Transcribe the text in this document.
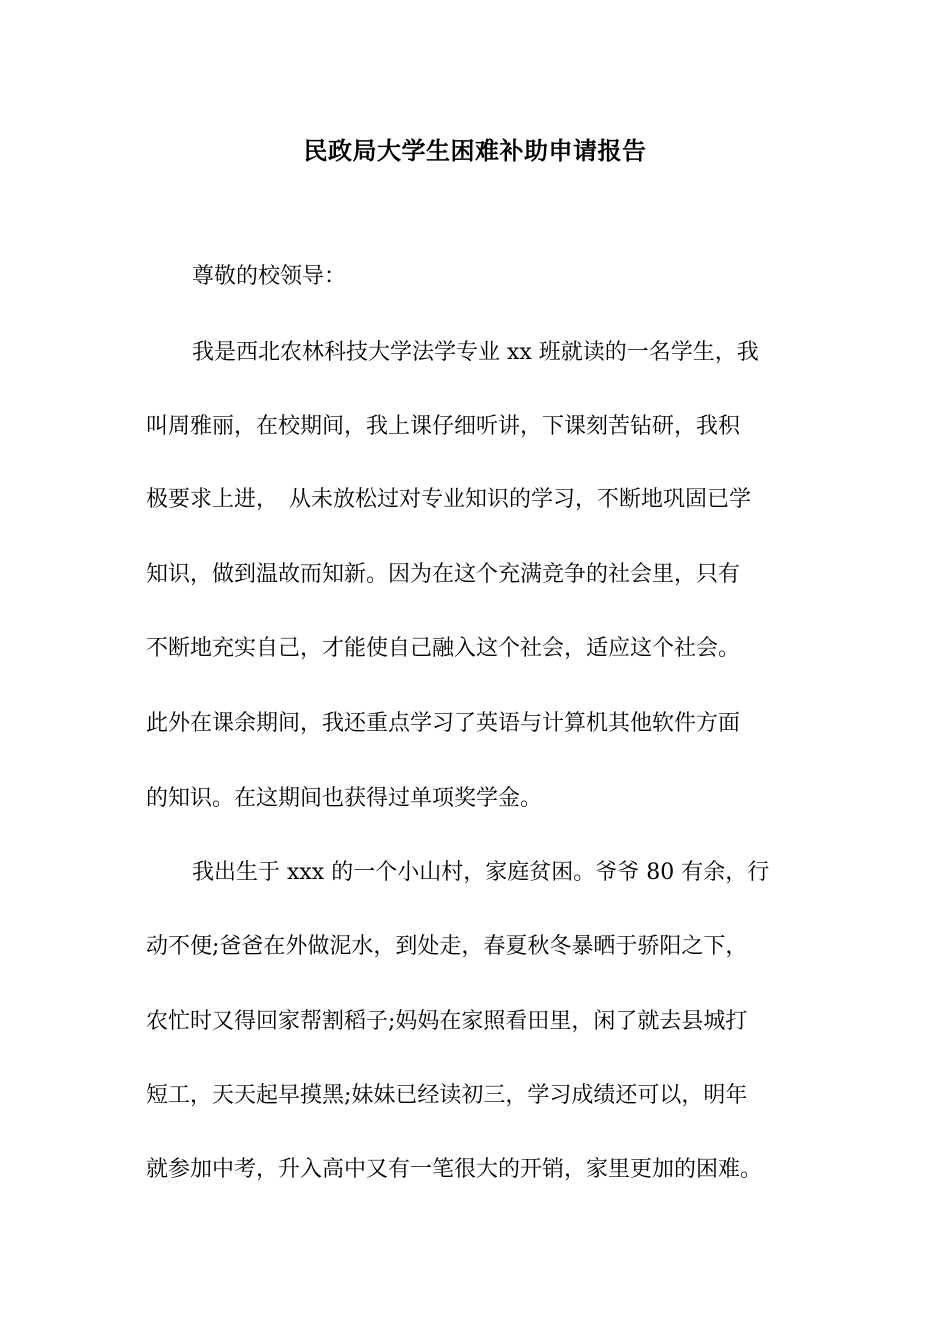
民政局大学生困难补助申请报告
尊敬的校领导：
我是西北农林科技大学法学专业 xx 班就读的一名学生，我
叫周雅丽，在校期间，我上课仔细听讲，下课刻苦钻研，我积
极要求上进，　从未放松过对专业知识的学习，不断地巩固已学
知识，做到温故而知新。因为在这个充满竞争的社会里，只有
不断地充实自己，才能使自己融入这个社会，适应这个社会。
此外在课余期间，我还重点学习了英语与计算机其他软件方面
的知识。在这期间也获得过单项奖学金。
我出生于 xxx 的一个小山村，家庭贫困。爷爷 80 有余，行
动不便;爸爸在外做泥水，到处走，春夏秋冬暴晒于骄阳之下，
农忙时又得回家帮割稻子;妈妈在家照看田里，闲了就去县城打
短工，天天起早摸黑;妹妹已经读初三，学习成绩还可以，明年
就参加中考，升入高中又有一笔很大的开销，家里更加的困难。
